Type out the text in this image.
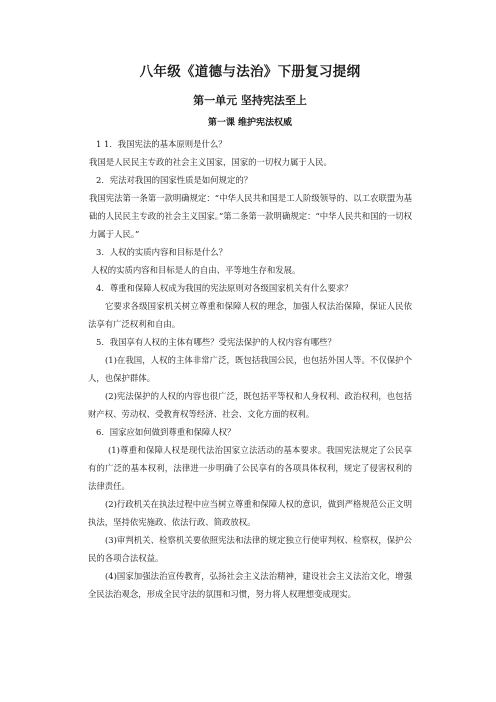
八年级《道德与法治》下册复习提纲
第一单元 坚持宪法至上
第一课 维护宪法权威

1 1．我国宪法的基本原则是什么？

我国是人民民主专政的社会主义国家，国家的一切权力属于人民。

2．宪法对我国的国家性质是如何规定的？

我国宪法第一条第一款明确规定：“中华人民共和国是工人阶级领导的、以工农联盟为基础的人民民主专政的社会主义国家。”第二条第一款明确规定：“中华人民共和国的一切权力属于人民。”

3．人权的实质内容和目标是什么？

人权的实质内容和目标是人的自由、平等地生存和发展。

4．尊重和保障人权成为我国的宪法原则对各级国家机关有什么要求？

它要求各级国家机关树立尊重和保障人权的理念，加强人权法治保障，保证人民依法享有广泛权利和自由。

5．我国享有人权的主体有哪些？受宪法保护的人权内容有哪些？

(1)在我国，人权的主体非常广泛，既包括我国公民，也包括外国人等。不仅保护个人，也保护群体。

(2)宪法保护的人权的内容也很广泛，既包括平等权和人身权利、政治权利，也包括财产权、劳动权、受教育权等经济、社会、文化方面的权利。

6．国家应如何做到尊重和保障人权？

(1)尊重和保障人权是现代法治国家立法活动的基本要求。我国宪法规定了公民享有的广泛的基本权利，法律进一步明确了公民享有的各项具体权利，规定了侵害权利的法律责任。

(2)行政机关在执法过程中应当树立尊重和保障人权的意识，做到严格规范公正文明执法，坚持依宪施政、依法行政、简政放权。

(3)审判机关、检察机关要依照宪法和法律的规定独立行使审判权、检察权，保护公民的各项合法权益。

(4)国家加强法治宣传教育，弘扬社会主义法治精神，建设社会主义法治文化，增强全民法治观念，形成全民守法的氛围和习惯，努力将人权理想变成现实。
